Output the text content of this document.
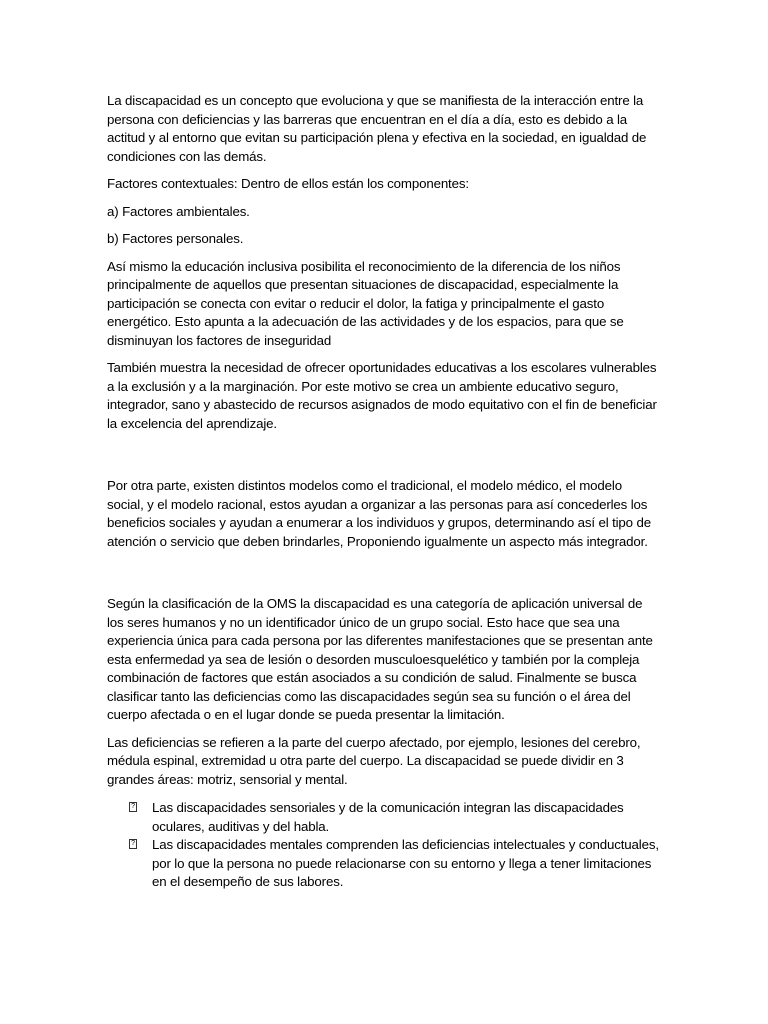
La discapacidad es un concepto que evoluciona y que se manifiesta de la interacción entre la persona con deficiencias y las barreras que encuentran en el día a día, esto es debido a la actitud y al entorno que evitan su participación plena y efectiva en la sociedad, en igualdad de condiciones con las demás.

Factores contextuales: Dentro de ellos están los componentes:

a) Factores ambientales.

b) Factores personales.

Así mismo la educación inclusiva posibilita el reconocimiento de la diferencia de los niños principalmente de aquellos que presentan situaciones de discapacidad, especialmente la participación se conecta con evitar o reducir el dolor, la fatiga y principalmente el gasto energético. Esto apunta a la adecuación de las actividades y de los espacios, para que se disminuyan los factores de inseguridad

También muestra la necesidad de ofrecer oportunidades educativas a los escolares vulnerables a la exclusión y a la marginación. Por este motivo se crea un ambiente educativo seguro, integrador, sano y abastecido de recursos asignados de modo equitativo con el fin de beneficiar la excelencia del aprendizaje.

Por otra parte, existen distintos modelos como el tradicional, el modelo médico, el modelo social, y el modelo racional, estos ayudan a organizar a las personas para así concederles los beneficios sociales y ayudan a enumerar a los individuos y grupos, determinando así el tipo de atención o servicio que deben brindarles, Proponiendo igualmente un aspecto más integrador.

Según la clasificación de la OMS la discapacidad es una categoría de aplicación universal de los seres humanos y no un identificador único de un grupo social. Esto hace que sea una experiencia única para cada persona por las diferentes manifestaciones que se presentan ante esta enfermedad ya sea de lesión o desorden musculoesquelético y también por la compleja combinación de factores que están asociados a su condición de salud. Finalmente se busca clasificar tanto las deficiencias como las discapacidades según sea su función o el área del cuerpo afectada o en el lugar donde se pueda presentar la limitación.

Las deficiencias se refieren a la parte del cuerpo afectado, por ejemplo, lesiones del cerebro, médula espinal, extremidad u otra parte del cuerpo. La discapacidad se puede dividir en 3 grandes áreas: motriz, sensorial y mental.

? Las discapacidades sensoriales y de la comunicación integran las discapacidades oculares, auditivas y del habla.
? Las discapacidades mentales comprenden las deficiencias intelectuales y conductuales, por lo que la persona no puede relacionarse con su entorno y llega a tener limitaciones en el desempeño de sus labores.
